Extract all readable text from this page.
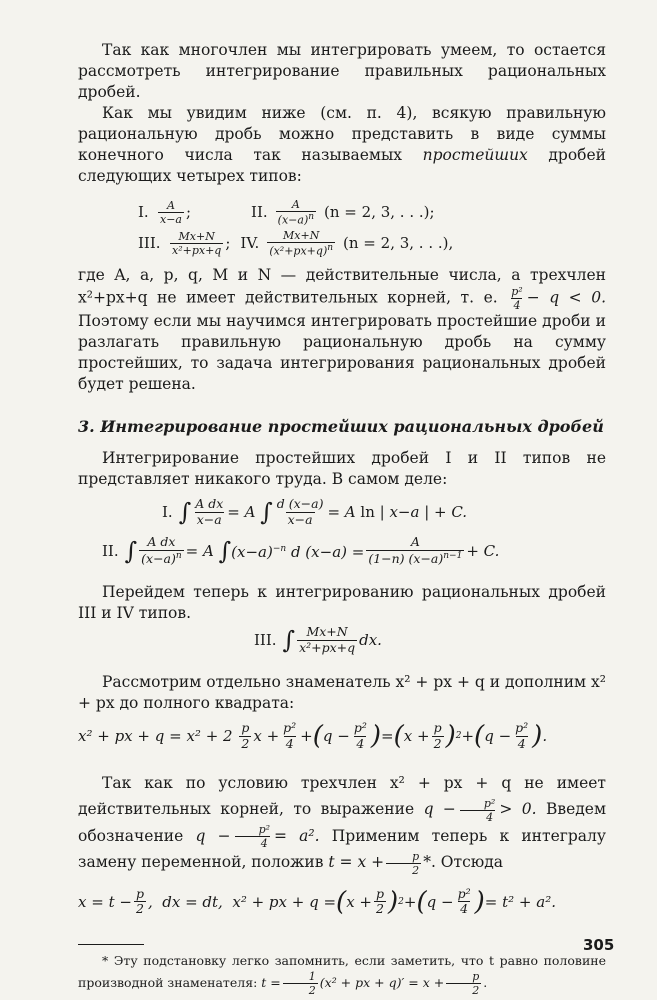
Так как многочлен мы интегрировать умеем, то остается рассмотреть интегрирование правильных рациональных дробей.

Как мы увидим ниже (см. п. 4), всякую правильную рациональную дробь можно представить в виде суммы конечного числа так называемых простейших дробей следующих четырех типов:

I. $\frac{A}{x-a}$ ;	II. $\frac{A}{(x-a)^n} (n = 2$, 3, . . .);
III. $\frac{Mx+N}{\text{x²+px+q}}$ ; IV. $\frac{Mx+N}{(x^2+px+q)^n} (n = 2$, 3, . . .),

где A, a, p, q, M и N — действительные числа, а трехчлен x²+px+q не имеет действительных корней, т. е. $\frac{\text{p²}}{4} - q < 0$. Поэтому если мы научимся интегрировать простейшие дроби и разлагать правильную рациональную дробь на сумму простейших, то задача интегрирования рациональных дробей будет решена.

3. Интегрирование простейших рациональных дробей

Интегрирование простейших дробей I и II типов не представляет никакого труда. В самом деле:

I. ∫ $\frac{\text{A dx}}{x-a} = A$
∫ $\frac{d (x-a)}{x-a} = A$ ln | x−a | + C.
II. ∫ $\frac{\text{A dx}}{(x-a)^n} = A$
∫ $(x-a)^{-n}$ d $(x-a) = \frac{A}{(1-n) (x-a)^{n-1}} + C$.

Перейдем теперь к интегрированию рациональных дробей III и IV типов.

III. ∫ $\frac{Mx+N}{\text{x²+px+q}}$ dx.

Рассмотрим отдельно знаменатель x² + px + q и дополним x² + px до полного квадрата:

x² + px + $q = x^2 + 2 \frac{p}{2}$ $x + \frac{\text{p²}}{4}$ + ( $q - \frac{\text{p²}}{4}$ ) = ( $x + \frac{p}{2}$ ) 2 + ( $q - \frac{\text{p²}}{4}$ ) .

Так как по условию трехчлен x² + px + q не имеет действительных корней, то выражение $q - \frac{\text{p²}}{4} > 0$. Введем обозначение $q - \frac{\text{p²}}{4} = a^2$. Применим теперь к интегралу замену переменной, положив $t = x + \frac{p}{2}$ *. Отсюда

$x = t - \frac{p}{2}$ ,  dx = dt,  x² + px + q = ( $x + \frac{p}{2}$ ) 2 + ( $q - \frac{\text{p²}}{4}$ ) = t² + a².

* Эту подстановку легко запомнить, если заметить, что t равно половине производной знаменателя: $t = \frac{1}{2} (x^2$ + px + $q)' = x + \frac{p}{2}$ .

305
